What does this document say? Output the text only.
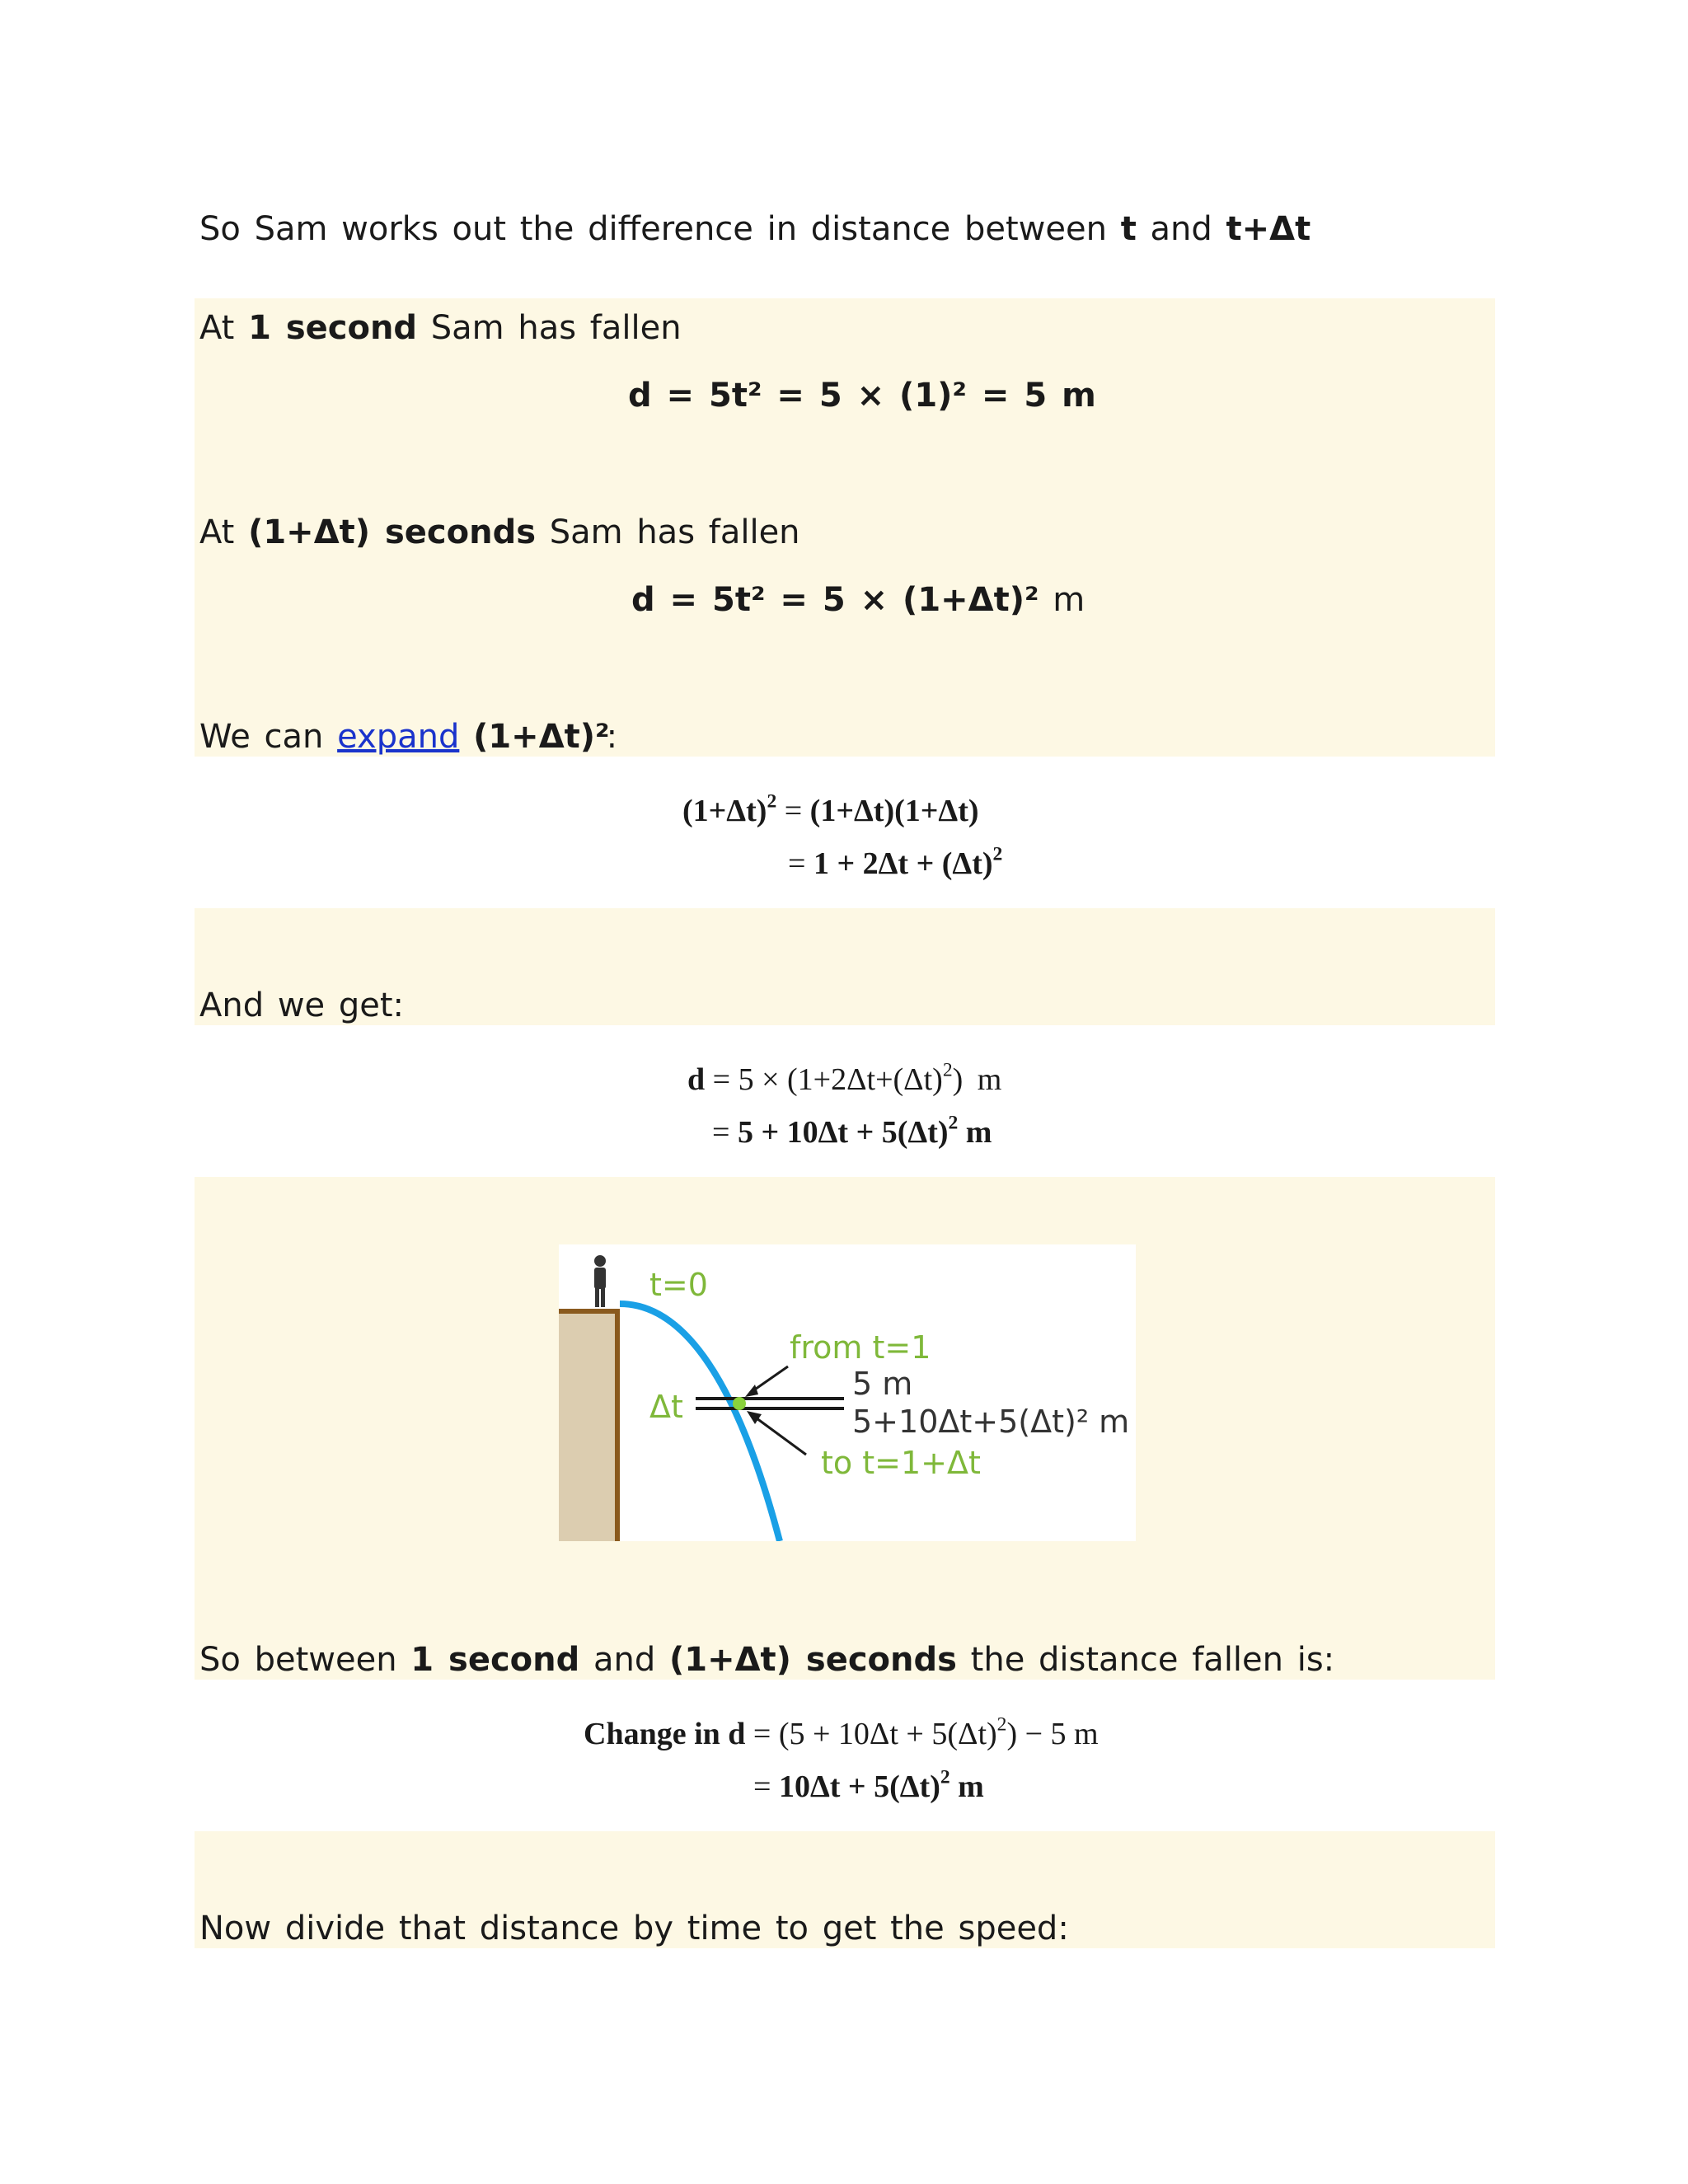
So Sam works out the difference in distance between t and t+Δt
At 1 second Sam has fallen
d = 5t² = 5 × (1)² = 5 m
At (1+Δt) seconds Sam has fallen
d = 5t² = 5 × (1+Δt)² m
We can expand (1+Δt)²:
$(1+\Delta t)^2 = (1+\Delta t)(1+\Delta t)$
= $1 + 2\Delta t + (\Delta t)^2$
And we get:
$d = 5 \times (1+2\Delta t+(\Delta t)^2)$ m
= $5 + 10\Delta t + 5(\Delta t)^2$ m
t=0
Δt
from t=1
5 m
5+10Δt+5(Δt)² m
to t=1+Δt
So between 1 second and (1+Δt) seconds the distance fallen is:
Change in $d = (5 + 10\Delta t + 5(\Delta t)^2) - 5$ m
= $10\Delta t + 5(\Delta t)^2$ m
Now divide that distance by time to get the speed:
